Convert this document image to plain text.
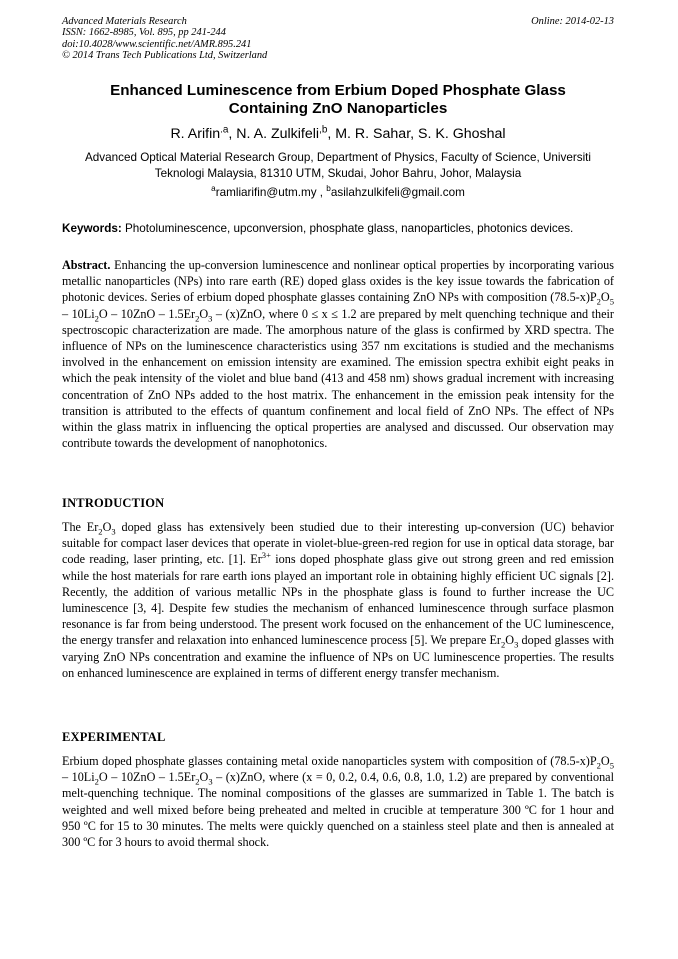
Advanced Materials Research
ISSN: 1662-8985, Vol. 895, pp 241-244
doi:10.4028/www.scientific.net/AMR.895.241
© 2014 Trans Tech Publications Ltd, Switzerland
Online: 2014-02-13
Enhanced Luminescence from Erbium Doped Phosphate Glass
Containing ZnO Nanoparticles
R. Arifin$^{.a}$, N. A. Zulkifeli$^{,b}$, M. R. Sahar, S. K. Ghoshal
Advanced Optical Material Research Group, Department of Physics, Faculty of Science, Universiti
Teknologi Malaysia, 81310 UTM, Skudai, Johor Bahru, Johor, Malaysia
$^a$ramliarifin@utm.my , $^b$asilahzulkifeli@gmail.com
Keywords: Photoluminescence, upconversion, phosphate glass, nanoparticles, photonics devices.
Abstract. Enhancing the up-conversion luminescence and nonlinear optical properties by incorporating various metallic nanoparticles (NPs) into rare earth (RE) doped glass oxides is the key issue towards the fabrication of photonic devices. Series of erbium doped phosphate glasses containing ZnO NPs with composition $(78.5-x)P_2O_5 - 10Li_2O - 10ZnO - 1.5Er_2O_3 - (x)ZnO$, where 0 ≤ x ≤ 1.2 are prepared by melt quenching technique and their spectroscopic characterization are made. The amorphous nature of the glass is confirmed by XRD spectra. The influence of NPs on the luminescence characteristics using 357 nm excitations is studied and the mechanisms involved in the enhancement on emission intensity are examined. The emission spectra exhibit eight peaks in which the peak intensity of the violet and blue band (413 and 458 nm) shows gradual increment with increasing concentration of ZnO NPs added to the host matrix. The enhancement in the emission peak intensity for the transition is attributed to the effects of quantum confinement and local field of ZnO NPs. The effect of NPs within the glass matrix in influencing the optical properties are analysed and discussed. Our observation may contribute towards the development of nanophotonics.
INTRODUCTION
The $Er_2O_3$ doped glass has extensively been studied due to their interesting up-conversion (UC) behavior suitable for compact laser devices that operate in violet-blue-green-red region for use in optical data storage, bar code reading, laser printing, etc. [1]. $Er^{3+}$ ions doped phosphate glass give out strong green and red emission while the host materials for rare earth ions played an important role in obtaining highly efficient UC signals [2]. Recently, the addition of various metallic NPs in the phosphate glass is found to further increase the UC luminescence [3, 4]. Despite few studies the mechanism of enhanced luminescence through surface plasmon resonance is far from being understood. The present work focused on the enhancement of the UC luminescence, the energy transfer and relaxation into enhanced luminescence process [5]. We prepare $Er_2O_3$ doped glasses with varying ZnO NPs concentration and examine the influence of NPs on UC luminescence properties. The results on enhanced luminescence are explained in terms of different energy transfer mechanism.
EXPERIMENTAL
Erbium doped phosphate glasses containing metal oxide nanoparticles system with composition of $(78.5-x)P_2O_5 - 10Li_2O - 10ZnO - 1.5Er_2O_3 - (x)ZnO$, where (x = 0, 0.2, 0.4, 0.6, 0.8, 1.0, 1.2) are prepared by conventional melt-quenching technique. The nominal compositions of the glasses are summarized in Table 1. The batch is weighted and well mixed before being preheated and melted in crucible at temperature 300 ºC for 1 hour and 950 ºC for 15 to 30 minutes. The melts were quickly quenched on a stainless steel plate and then is annealed at 300 ºC for 3 hours to avoid thermal shock.
